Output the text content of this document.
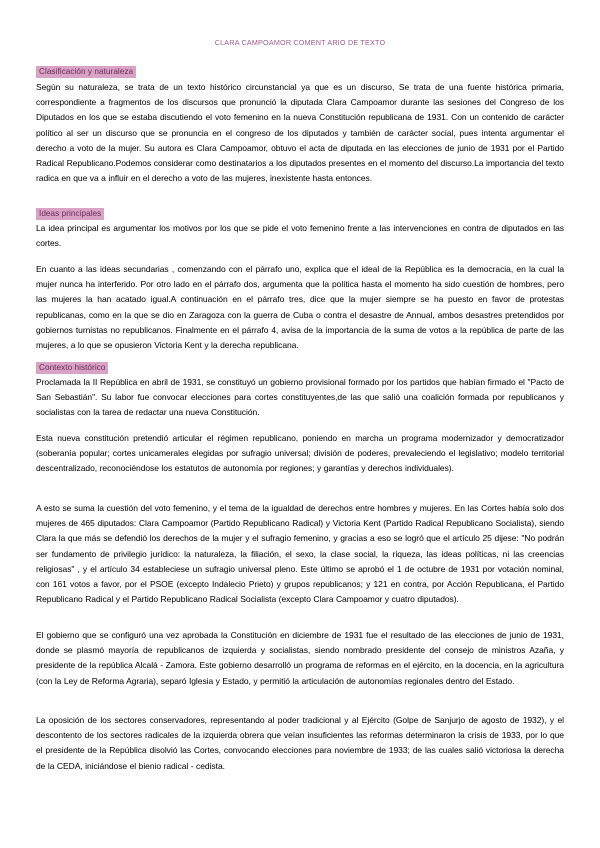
CLARA CAMPOAMOR COMENT ARIO DE TEXTO
Clasificación y naturaleza

Según su naturaleza, se trata de un texto histórico circunstancial ya que es un discurso, Se trata de una fuente histórica primaria, correspondiente a fragmentos de los discursos que pronunció la diputada Clara Campoamor durante las sesiones del Congreso de los Diputados en los que se estaba discutiendo el voto femenino en la nueva Constitución republicana de 1931. Con un contenido de carácter político al ser un discurso que se pronuncia en el congreso de los diputados y también de carácter social, pues intenta argumentar el derecho a voto de la mujer. Su autora es Clara Campoamor, obtuvo el acta de diputada en las elecciones de junio de 1931 por el Partido Radical Republicano.Podemos considerar como destinatarios a los diputados presentes en el momento del discurso.La importancia del texto radica en que va a influir en el derecho a voto de las mujeres, inexistente hasta entonces.

Ideas principales

La idea principal es argumentar los motivos por los que se pide el voto femenino frente a las intervenciones en contra de diputados en las cortes.

En cuanto a las ideas secundarias , comenzando con el párrafo uno, explica que el ideal de la República es la democracia, en la cual la mujer nunca ha interferido. Por otro lado en el párrafo dos, argumenta que la política hasta el momento ha sido cuestión de hombres, pero las mujeres la han acatado igual.A continuación en el párrafo tres, dice que la mujer siempre se ha puesto en favor de protestas republicanas, como en la que se dio en Zaragoza con la guerra de Cuba o contra el desastre de Annual, ambos desastres pretendidos por gobiernos turnistas no republicanos. Finalmente en el párrafo 4, avisa de la importancia de la suma de votos a la república de parte de las mujeres, a lo que se opusieron Victoria Kent y la derecha republicana.

Contexto histórico

Proclamada la II República en abril de 1931, se constituyó un gobierno provisional formado por los partidos que habían firmado el "Pacto de San Sebastián". Su labor fue convocar elecciones para cortes constituyentes,de las que salió una coalición formada por republicanos y socialistas con la tarea de redactar una nueva Constitución.

Esta nueva constitución pretendió articular el régimen republicano, poniendo en marcha un programa modernizador y democratizador (soberanía popular; cortes unicamerales elegidas por sufragio universal; división de poderes, prevaleciendo el legislativo; modelo territorial descentralizado, reconociéndose los estatutos de autonomía por regiones; y garantías y derechos individuales).

A esto se suma la cuestión del voto femenino, y el tema de la igualdad de derechos entre hombres y mujeres. En las Cortes había solo dos mujeres de 465 diputados: Clara Campoamor (Partido Republicano Radical) y Victoria Kent (Partido Radical Republicano Socialista), siendo Clara la que más se defendió los derechos de la mujer y el sufragio femenino, y gracias a eso se logró que el artículo 25 dijese: "No podrán ser fundamento de privilegio jurídico: la naturaleza, la filiación, el sexo, la clase social, la riqueza, las ideas políticas, ni las creencias religiosas" , y el artículo 34 estableciese un sufragio universal pleno. Este último se aprobó el 1 de octubre de 1931 por votación nominal, con 161 votos a favor, por el PSOE (excepto Indalecio Prieto) y grupos republicanos; y 121 en contra, por Acción Republicana, el Partido Republicano Radical y el Partido Republicano Radical Socialista (excepto Clara Campoamor y cuatro diputados).

El gobierno que se configuró una vez aprobada la Constitución en diciembre de 1931 fue el resultado de las elecciones de junio de 1931, donde se plasmó mayoría de republicanos de izquierda y socialistas, siendo nombrado presidente del consejo de ministros Azaña, y presidente de la república Alcalá - Zamora. Este gobierno desarrolló un programa de reformas en el ejército, en la docencia, en la agricultura (con la Ley de Reforma Agraria), separó Iglesia y Estado, y permitió la articulación de autonomías regionales dentro del Estado.

La oposición de los sectores conservadores, representando al poder tradicional y al Ejército (Golpe de Sanjurjo de agosto de 1932), y el descontento de los sectores radicales de la izquierda obrera que veían insuficientes las reformas determinaron la crisis de 1933, por lo que el presidente de la República disolvió las Cortes, convocando elecciones para noviembre de 1933; de las cuales salió victoriosa la derecha de la CEDA, iniciándose el bienio radical - cedista.
